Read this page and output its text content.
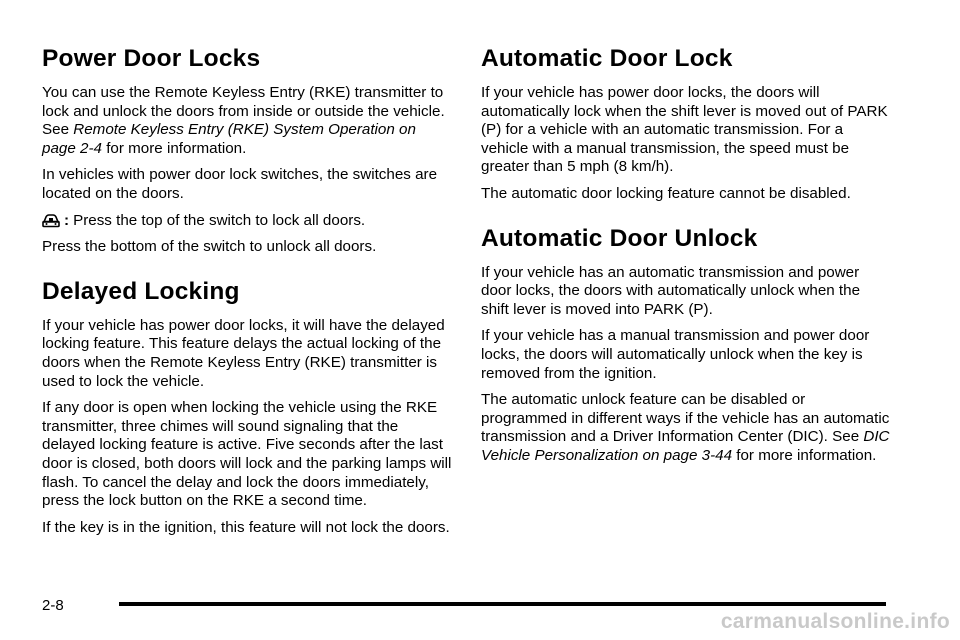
Power Door Locks

You can use the Remote Keyless Entry (RKE) transmitter to lock and unlock the doors from inside or outside the vehicle. See Remote Keyless Entry (RKE) System Operation on page 2-4 for more information.

In vehicles with power door lock switches, the switches are located on the doors.

: Press the top of the switch to lock all doors.

Press the bottom of the switch to unlock all doors.

Delayed Locking

If your vehicle has power door locks, it will have the delayed locking feature. This feature delays the actual locking of the doors when the Remote Keyless Entry (RKE) transmitter is used to lock the vehicle.

If any door is open when locking the vehicle using the RKE transmitter, three chimes will sound signaling that the delayed locking feature is active. Five seconds after the last door is closed, both doors will lock and the parking lamps will flash. To cancel the delay and lock the doors immediately, press the lock button on the RKE a second time.

If the key is in the ignition, this feature will not lock the doors.

Automatic Door Lock

If your vehicle has power door locks, the doors will automatically lock when the shift lever is moved out of PARK (P) for a vehicle with an automatic transmission. For a vehicle with a manual transmission, the speed must be greater than 5 mph (8 km/h).

The automatic door locking feature cannot be disabled.

Automatic Door Unlock

If your vehicle has an automatic transmission and power door locks, the doors with automatically unlock when the shift lever is moved into PARK (P).

If your vehicle has a manual transmission and power door locks, the doors will automatically unlock when the key is removed from the ignition.

The automatic unlock feature can be disabled or programmed in different ways if the vehicle has an automatic transmission and a Driver Information Center (DIC). See DIC Vehicle Personalization on page 3-44 for more information.

2-8
carmanualsonline.info
